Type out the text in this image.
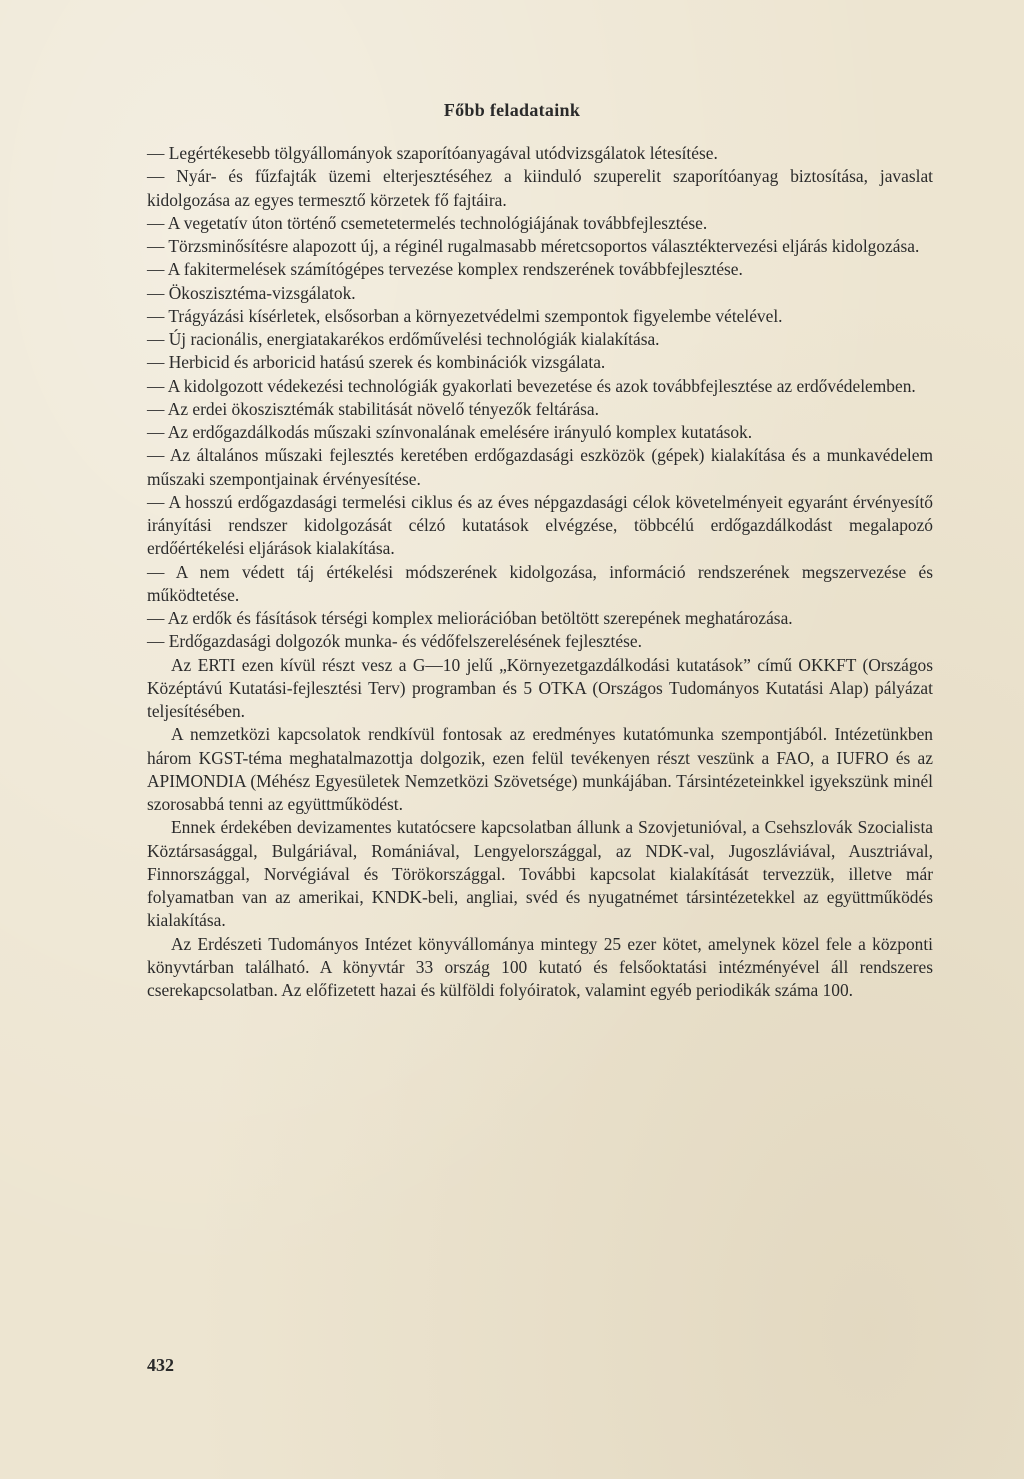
Főbb feladataink

— Legértékesebb tölgyállományok szaporítóanyagával utódvizsgálatok létesítése.

— Nyár- és fűzfajták üzemi elterjesztéséhez a kiinduló szuperelit szaporítóanyag biztosítása, javaslat kidolgozása az egyes termesztő körzetek fő fajtáira.

— A vegetatív úton történő csemetetermelés technológiájának továbbfejlesztése.

— Törzsminősítésre alapozott új, a réginél rugalmasabb méretcsoportos választéktervezési eljárás kidolgozása.

— A fakitermelések számítógépes tervezése komplex rendszerének továbbfejlesztése.

— Ökoszisztéma-vizsgálatok.

— Trágyázási kísérletek, elsősorban a környezetvédelmi szempontok figyelembe vételével.

— Új racionális, energiatakarékos erdőművelési technológiák kialakítása.

— Herbicid és arboricid hatású szerek és kombinációk vizsgálata.

— A kidolgozott védekezési technológiák gyakorlati bevezetése és azok továbbfejlesztése az erdővédelemben.

— Az erdei ökoszisztémák stabilitását növelő tényezők feltárása.

— Az erdőgazdálkodás műszaki színvonalának emelésére irányuló komplex kutatások.

— Az általános műszaki fejlesztés keretében erdőgazdasági eszközök (gépek) kialakítása és a munkavédelem műszaki szempontjainak érvényesítése.

— A hosszú erdőgazdasági termelési ciklus és az éves népgazdasági célok követelményeit egyaránt érvényesítő irányítási rendszer kidolgozását célzó kutatások elvégzése, többcélú erdőgazdálkodást megalapozó erdőértékelési eljárások kialakítása.

— A nem védett táj értékelési módszerének kidolgozása, információ rendszerének megszervezése és működtetése.

— Az erdők és fásítások térségi komplex meliorációban betöltött szerepének meghatározása.

— Erdőgazdasági dolgozók munka- és védőfelszerelésének fejlesztése.

Az ERTI ezen kívül részt vesz a G—10 jelű „Környezetgazdálkodási kutatások” című OKKFT (Országos Középtávú Kutatási-fejlesztési Terv) programban és 5 OTKA (Országos Tudományos Kutatási Alap) pályázat teljesítésében.

A nemzetközi kapcsolatok rendkívül fontosak az eredményes kutatómunka szempontjából. Intézetünkben három KGST-téma meghatalmazottja dolgozik, ezen felül tevékenyen részt veszünk a FAO, a IUFRO és az APIMONDIA (Méhész Egyesületek Nemzetközi Szövetsége) munkájában. Társintézeteinkkel igyekszünk minél szorosabbá tenni az együttműködést.

Ennek érdekében devizamentes kutatócsere kapcsolatban állunk a Szovjetunióval, a Csehszlovák Szocialista Köztársasággal, Bulgáriával, Romániával, Lengyelországgal, az NDK-val, Jugoszláviával, Ausztriával, Finnországgal, Norvégiával és Törökországgal. További kapcsolat kialakítását tervezzük, illetve már folyamatban van az amerikai, KNDK-beli, angliai, svéd és nyugatnémet társintézetekkel az együttműködés kialakítása.

Az Erdészeti Tudományos Intézet könyvállománya mintegy 25 ezer kötet, amelynek közel fele a központi könyvtárban található. A könyvtár 33 ország 100 kutató és felsőoktatási intézményével áll rendszeres cserekapcsolatban. Az előfizetett hazai és külföldi folyóiratok, valamint egyéb periodikák száma 100.

432
